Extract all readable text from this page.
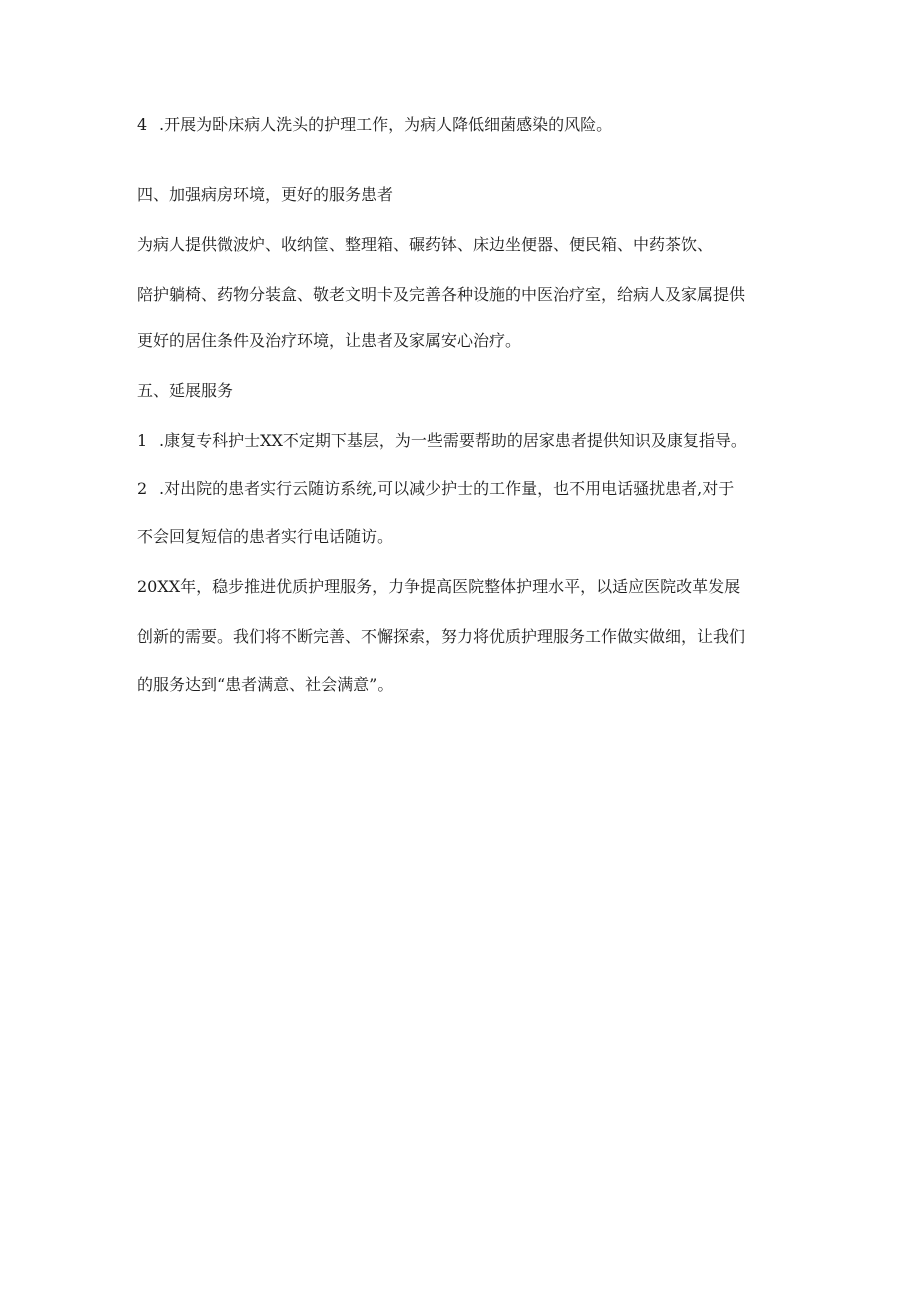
4 .开展为卧床病人洗头的护理工作，为病人降低细菌感染的风险。
四、加强病房环境，更好的服务患者
为病人提供微波炉、收纳筐、整理箱、碾药钵、床边坐便器、便民箱、中药茶饮、
陪护躺椅、药物分装盒、敬老文明卡及完善各种设施的中医治疗室，给病人及家属提供
更好的居住条件及治疗环境，让患者及家属安心治疗。
五、延展服务
1 .康复专科护士XX不定期下基层，为一些需要帮助的居家患者提供知识及康复指导。
2 .对出院的患者实行云随访系统,可以减少护士的工作量，也不用电话骚扰患者,对于
不会回复短信的患者实行电话随访。
20XX年，稳步推进优质护理服务，力争提高医院整体护理水平，以适应医院改革发展
创新的需要。我们将不断完善、不懈探索，努力将优质护理服务工作做实做细，让我们
的服务达到“患者满意、社会满意”。
